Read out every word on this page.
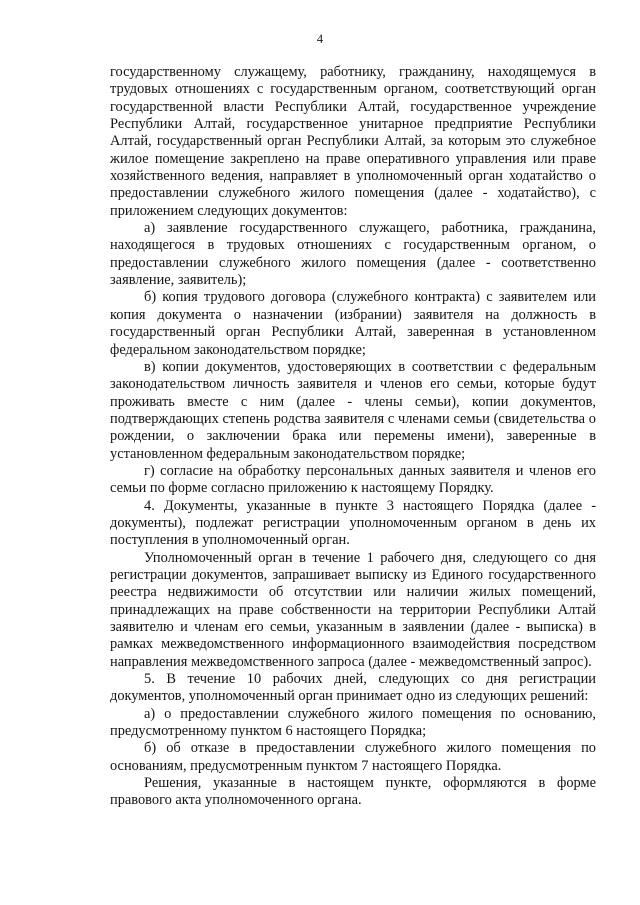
4

государственному служащему, работнику, гражданину, находящемуся в трудовых отношениях с государственным органом, соответствующий орган государственной власти Республики Алтай, государственное учреждение Республики Алтай, государственное унитарное предприятие Республики Алтай, государственный орган Республики Алтай, за которым это служебное жилое помещение закреплено на праве оперативного управления или праве хозяйственного ведения, направляет в уполномоченный орган ходатайство о предоставлении служебного жилого помещения (далее - ходатайство), с приложением следующих документов:

а) заявление государственного служащего, работника, гражданина, находящегося в трудовых отношениях с государственным органом, о предоставлении служебного жилого помещения (далее - соответственно заявление, заявитель);

б) копия трудового договора (служебного контракта) с заявителем или копия документа о назначении (избрании) заявителя на должность в государственный орган Республики Алтай, заверенная в установленном федеральном законодательством порядке;

в) копии документов, удостоверяющих в соответствии с федеральным законодательством личность заявителя и членов его семьи, которые будут проживать вместе с ним (далее - члены семьи), копии документов, подтверждающих степень родства заявителя с членами семьи (свидетельства о рождении, о заключении брака или перемены имени), заверенные в установленном федеральным законодательством порядке;

г) согласие на обработку персональных данных заявителя и членов его семьи по форме согласно приложению к настоящему Порядку.

4. Документы, указанные в пункте 3 настоящего Порядка (далее - документы), подлежат регистрации уполномоченным органом в день их поступления в уполномоченный орган.

Уполномоченный орган в течение 1 рабочего дня, следующего со дня регистрации документов, запрашивает выписку из Единого государственного реестра недвижимости об отсутствии или наличии жилых помещений, принадлежащих на праве собственности на территории Республики Алтай заявителю и членам его семьи, указанным в заявлении (далее - выписка) в рамках межведомственного информационного взаимодействия посредством направления межведомственного запроса (далее - межведомственный запрос).

5. В течение 10 рабочих дней, следующих со дня регистрации документов, уполномоченный орган принимает одно из следующих решений:

а) о предоставлении служебного жилого помещения по основанию, предусмотренному пунктом 6 настоящего Порядка;

б) об отказе в предоставлении служебного жилого помещения по основаниям, предусмотренным пунктом 7 настоящего Порядка.

Решения, указанные в настоящем пункте, оформляются в форме правового акта уполномоченного органа.
